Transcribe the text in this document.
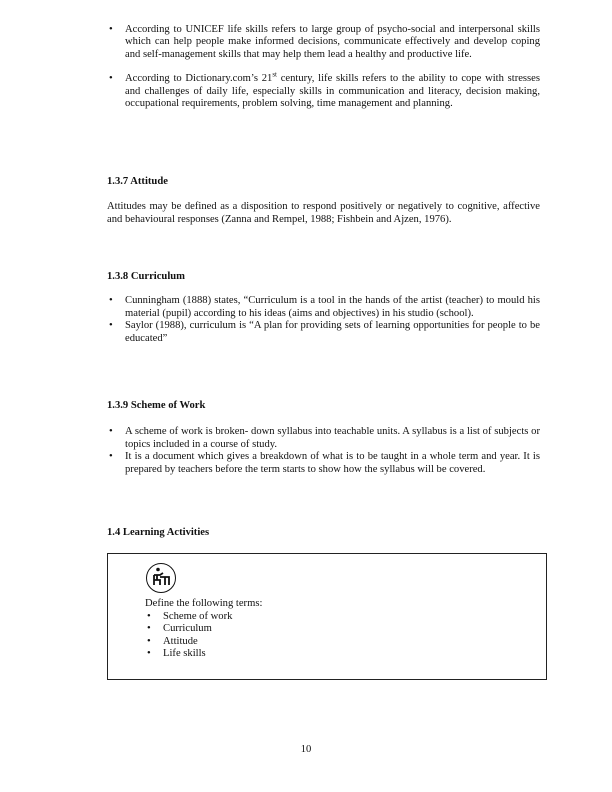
• According to UNICEF life skills refers to large group of psycho-social and interpersonal skills which can help people make informed decisions, communicate effectively and develop coping and self-management skills that may help them lead a healthy and productive life.
• According to Dictionary.com’s 21st century, life skills refers to the ability to cope with stresses and challenges of daily life, especially skills in communication and literacy, decision making, occupational requirements, problem solving, time management and planning.
1.3.7 Attitude

Attitudes may be defined as a disposition to respond positively or negatively to cognitive, affective and behavioural responses (Zanna and Rempel, 1988; Fishbein and Ajzen, 1976).

1.3.8 Curriculum
• Cunningham (1888) states, “Curriculum is a tool in the hands of the artist (teacher) to mould his material (pupil) according to his ideas (aims and objectives) in his studio (school).
• Saylor (1988), curriculum is “A plan for providing sets of learning opportunities for people to be educated”
1.3.9 Scheme of Work
• A scheme of work is broken- down syllabus into teachable units. A syllabus is a list of subjects or topics included in a course of study.
• It is a document which gives a breakdown of what is to be taught in a whole term and year. It is prepared by teachers before the term starts to show how the syllabus will be covered.
1.4 Learning Activities
Define the following terms:
• Scheme of work
• Curriculum
• Attitude
• Life skills
10
